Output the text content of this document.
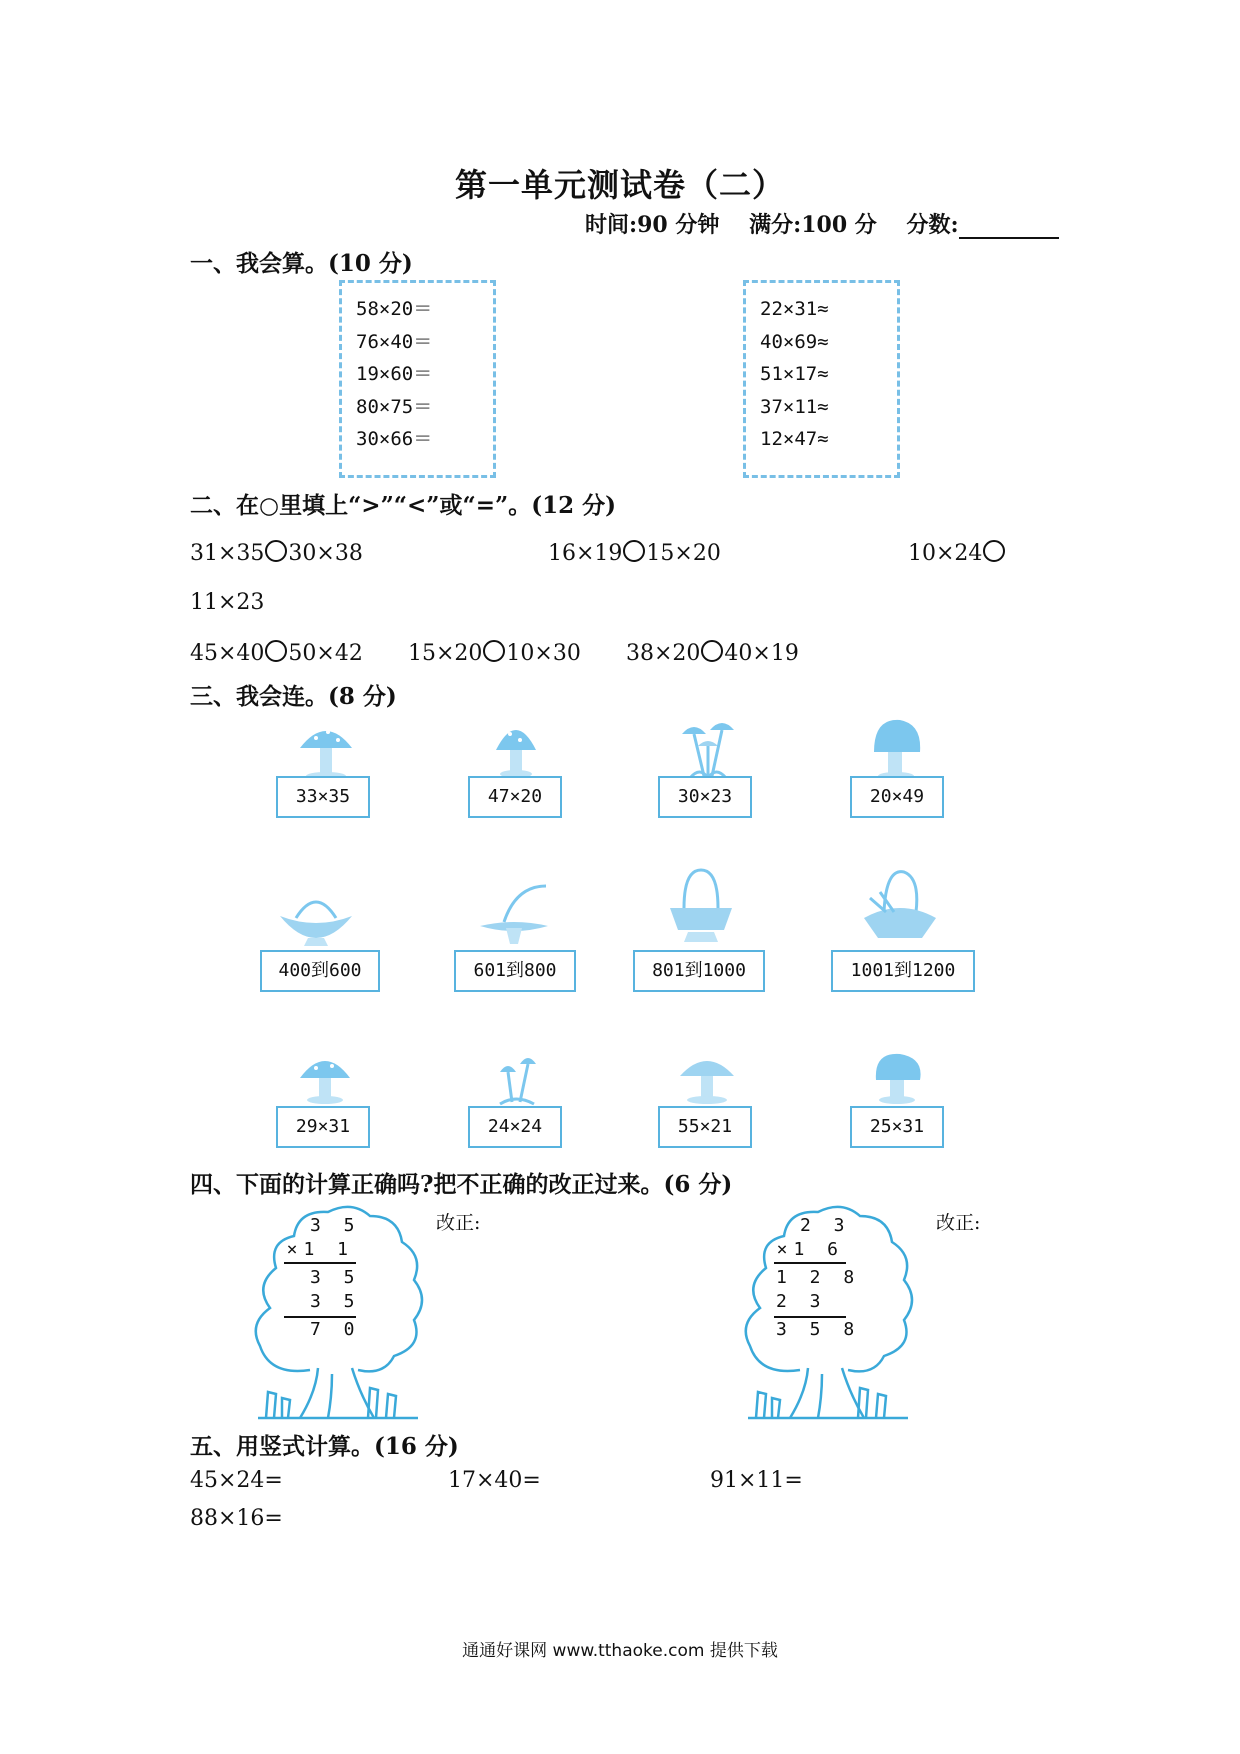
第一单元测试卷（二）
时间:90 分钟 满分:100 分 分数:
一、我会算。(10 分)
58×20＝
76×40＝
19×60＝
80×75＝
30×66＝
22×31≈
40×69≈
51×17≈
37×11≈
12×47≈
二、在○里填上“>”“<”或“=”。(12 分)
31×35 30×38	16×19 15×20	10×24
11×23
45×40 50×42 15×20 10×30 38×20 40×19
三、我会连。(8 分)
33×35	47×20	30×23	20×49
400到600	601到800	801到1000	1001到1200
29×31	24×24	55×21	25×31
四、下面的计算正确吗?把不正确的改正过来。(6 分)
3 5
×1 1
3 5
3 5
7 0
改正:	2 3
×1 6
1 2 8
2 3
3 5 8
改正:
五、用竖式计算。(16 分)
45×24=	17×40=	91×11=
88×16=
通通好课网 www.tthaoke.com 提供下载
